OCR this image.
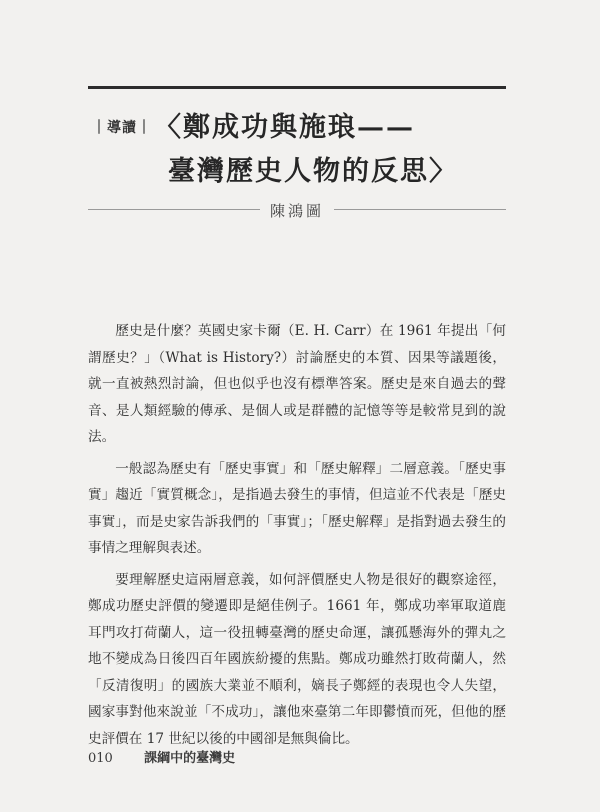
｜導讀｜ 〈鄭成功與施琅——
臺灣歷史人物的反思〉
陳鴻圖

歷史是什麼？英國史家卡爾（E. H. Carr）在 1961 年提出「何謂歷史？」（What is History?）討論歷史的本質、因果等議題後，就一直被熱烈討論，但也似乎也沒有標準答案。歷史是來自過去的聲音、是人類經驗的傳承、是個人或是群體的記憶等等是較常見到的說法。

一般認為歷史有「歷史事實」和「歷史解釋」二層意義。「歷史事實」趨近「實質概念」，是指過去發生的事情，但這並不代表是「歷史事實」，而是史家告訴我們的「事實」；「歷史解釋」是指對過去發生的事情之理解與表述。

要理解歷史這兩層意義，如何評價歷史人物是很好的觀察途徑，鄭成功歷史評價的變遷即是絕佳例子。1661 年，鄭成功率軍取道鹿耳門攻打荷蘭人，這一役扭轉臺灣的歷史命運，讓孤懸海外的彈丸之地不變成為日後四百年國族紛擾的焦點。鄭成功雖然打敗荷蘭人，然「反清復明」的國族大業並不順利，嫡長子鄭經的表現也令人失望，國家事對他來說並「不成功」，讓他來臺第二年即鬱憤而死，但他的歷史評價在 17 世紀以後的中國卻是無與倫比。

010 課綱中的臺灣史
